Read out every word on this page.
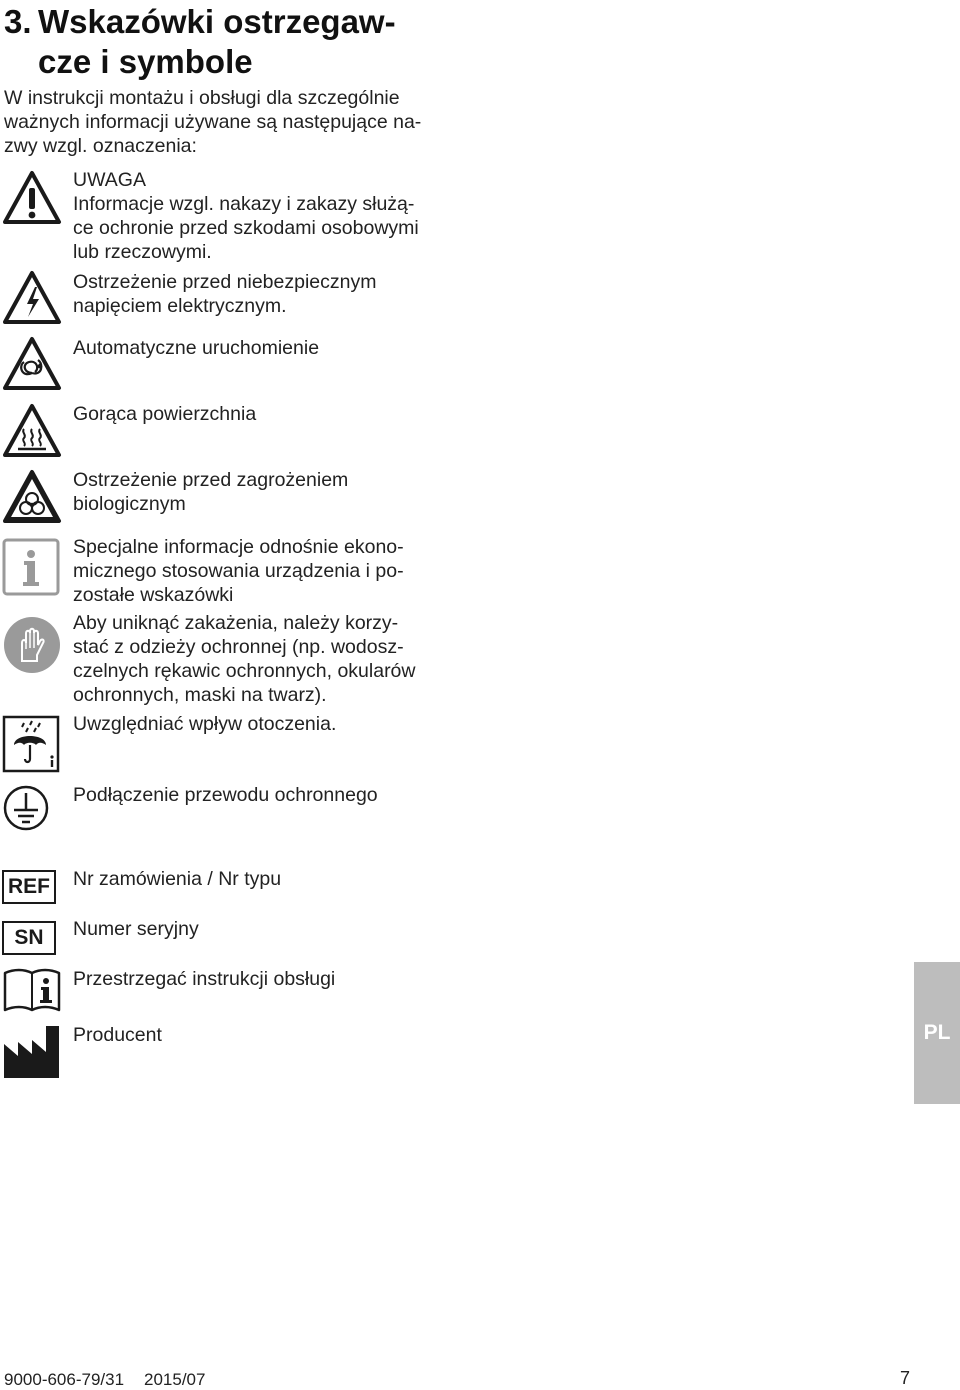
3. Wskazówki ostrzegaw-
cze i symbole
W instrukcji montażu i obsługi dla szczególnie
ważnych informacji używane są następujące na-
zwy wzgl. oznaczenia:

UWAGA

Informacje wzgl. nakazy i zakazy służą-

ce ochronie przed szkodami osobowymi

lub rzeczowymi.

Ostrzeżenie przed niebezpiecznym

napięciem elektrycznym.

Automatyczne uruchomienie

Gorąca powierzchnia

Ostrzeżenie przed zagrożeniem

biologicznym

Specjalne informacje odnośnie ekono-

micznego stosowania urządzenia i po-

zostałe wskazówki

Aby uniknąć zakażenia, należy korzy-

stać z odzieży ochronnej (np. wodosz-

czelnych rękawic ochronnych, okularów

ochronnych, maski na twarz).

Uwzględniać wpływ otoczenia.

Podłączenie przewodu ochronnego

REF	Nr zamówienia / Nr typu

SN	Numer seryjny

Przestrzegać instrukcji obsługi

Producent	PL
9000-606-79/31 2015/07	7
